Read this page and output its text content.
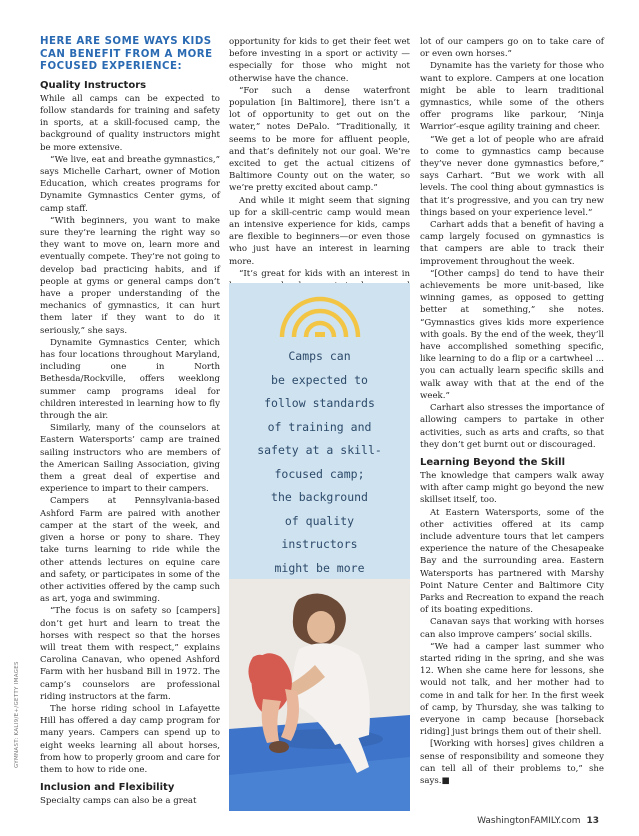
HERE ARE SOME WAYS KIDS CAN BENEFIT FROM A MORE FOCUSED EXPERIENCE:
Quality Instructors

While all camps can be expected to follow standards for training and safety in sports, at a skill-focused camp, the background of quality instructors might be more extensive.

“We live, eat and breathe gymnastics,” says Michelle Carhart, owner of Motion Education, which creates programs for Dynamite Gymnastics Center gyms, of camp staff.

“With beginners, you want to make sure they’re learning the right way so they want to move on, learn more and eventually compete. They’re not going to develop bad practicing habits, and if people at gyms or general camps don’t have a proper understanding of the mechanics of gymnastics, it can hurt them later if they want to do it seriously,” she says.

Dynamite Gymnastics Center, which has four locations throughout Maryland, including one in North Bethesda/Rockville, offers weeklong summer camp programs ideal for children interested in learning how to fly through the air.

Similarly, many of the counselors at Eastern Watersports’ camp are trained sailing instructors who are members of the American Sailing Association, giving them a great deal of expertise and experience to impart to their campers.

Campers at Pennsylvania-based Ashford Farm are paired with another camper at the start of the week, and given a horse or pony to share. They take turns learning to ride while the other attends lectures on equine care and safety, or participates in some of the other activities offered by the camp such as art, yoga and swimming.

“The focus is on safety so [campers] don’t get hurt and learn to treat the horses with respect so that the horses will treat them with respect,” explains Carolina Canavan, who opened Ashford Farm with her husband Bill in 1972. The camp’s counselors are professional riding instructors at the farm.

The horse riding school in Lafayette Hill has offered a day camp program for many years. Campers can spend up to eight weeks learning all about horses, from how to properly groom and care for them to how to ride one.

Inclusion and Flexibility

Specialty camps can also be a great

opportunity for kids to get their feet wet before investing in a sport or activity — especially for those who might not otherwise have the chance.

“For such a dense waterfront population [in Baltimore], there isn’t a lot of opportunity to get out on the water,” notes DePalo. “Traditionally, it seems to be more for affluent people, and that’s definitely not our goal. We’re excited to get the actual citizens of Baltimore County out on the water, so we’re pretty excited about camp.”

And while it might seem that signing up for a skill-centric camp would mean an intensive experience for kids, camps are flexible to beginners—or even those who just have an interest in learning more.

“It’s great for kids with an interest in

Camps can
be expected to
follow standards
of training and
safety at a skill-
focused camp;
the background
of quality
instructors
might be more

lot of our campers go on to take care of or even own horses.”

Dynamite has the variety for those who want to explore. Campers at one location might be able to learn traditional gymnastics, while some of the others offer programs like parkour, ‘Ninja Warrior’-esque agility training and cheer.

“We get a lot of people who are afraid to come to gymnastics camp because they’ve never done gymnastics before,” says Carhart. “But we work with all levels. The cool thing about gymnastics is that it’s progressive, and you can try new things based on your experience level.”

Carhart adds that a benefit of having a camp largely focused on gymnastics is that campers are able to track their improvement throughout the week.

“[Other camps] do tend to have their achievements be more unit-based, like winning games, as opposed to getting better at something,” she notes. “Gymnastics gives kids more experience with goals. By the end of the week, they’ll have accomplished something specific, like learning to do a flip or a cartwheel ... you can actually learn specific skills and walk away with that at the end of the week.”

Carhart also stresses the importance of allowing campers to partake in other activities, such as arts and crafts, so that they don’t get burnt out or discouraged.

Learning Beyond the Skill

The knowledge that campers walk away with after camp might go beyond the new skillset itself, too.

At Eastern Watersports, some of the other activities offered at its camp include adventure tours that let campers experience the nature of the Chesapeake Bay and the surrounding area. Eastern Watersports has partnered with Marshy Point Nature Center and Baltimore City Parks and Recreation to expand the reach of its boating expeditions.

Canavan says that working with horses can also improve campers’ social skills.

“We had a camper last summer who started riding in the spring, and she was 12. When she came here for lessons, she would not talk, and her mother had to come in and talk for her. In the first week of camp, by Thursday, she was talking to everyone in camp because [horseback riding] just brings them out of their shell.

[Working with horses] gives children a sense of responsibility and someone they can tell all of their problems to,” she says.■

GYMNAST: KALI9/E+/GETTY IMAGES
WashingtonFAMILY.com 13
